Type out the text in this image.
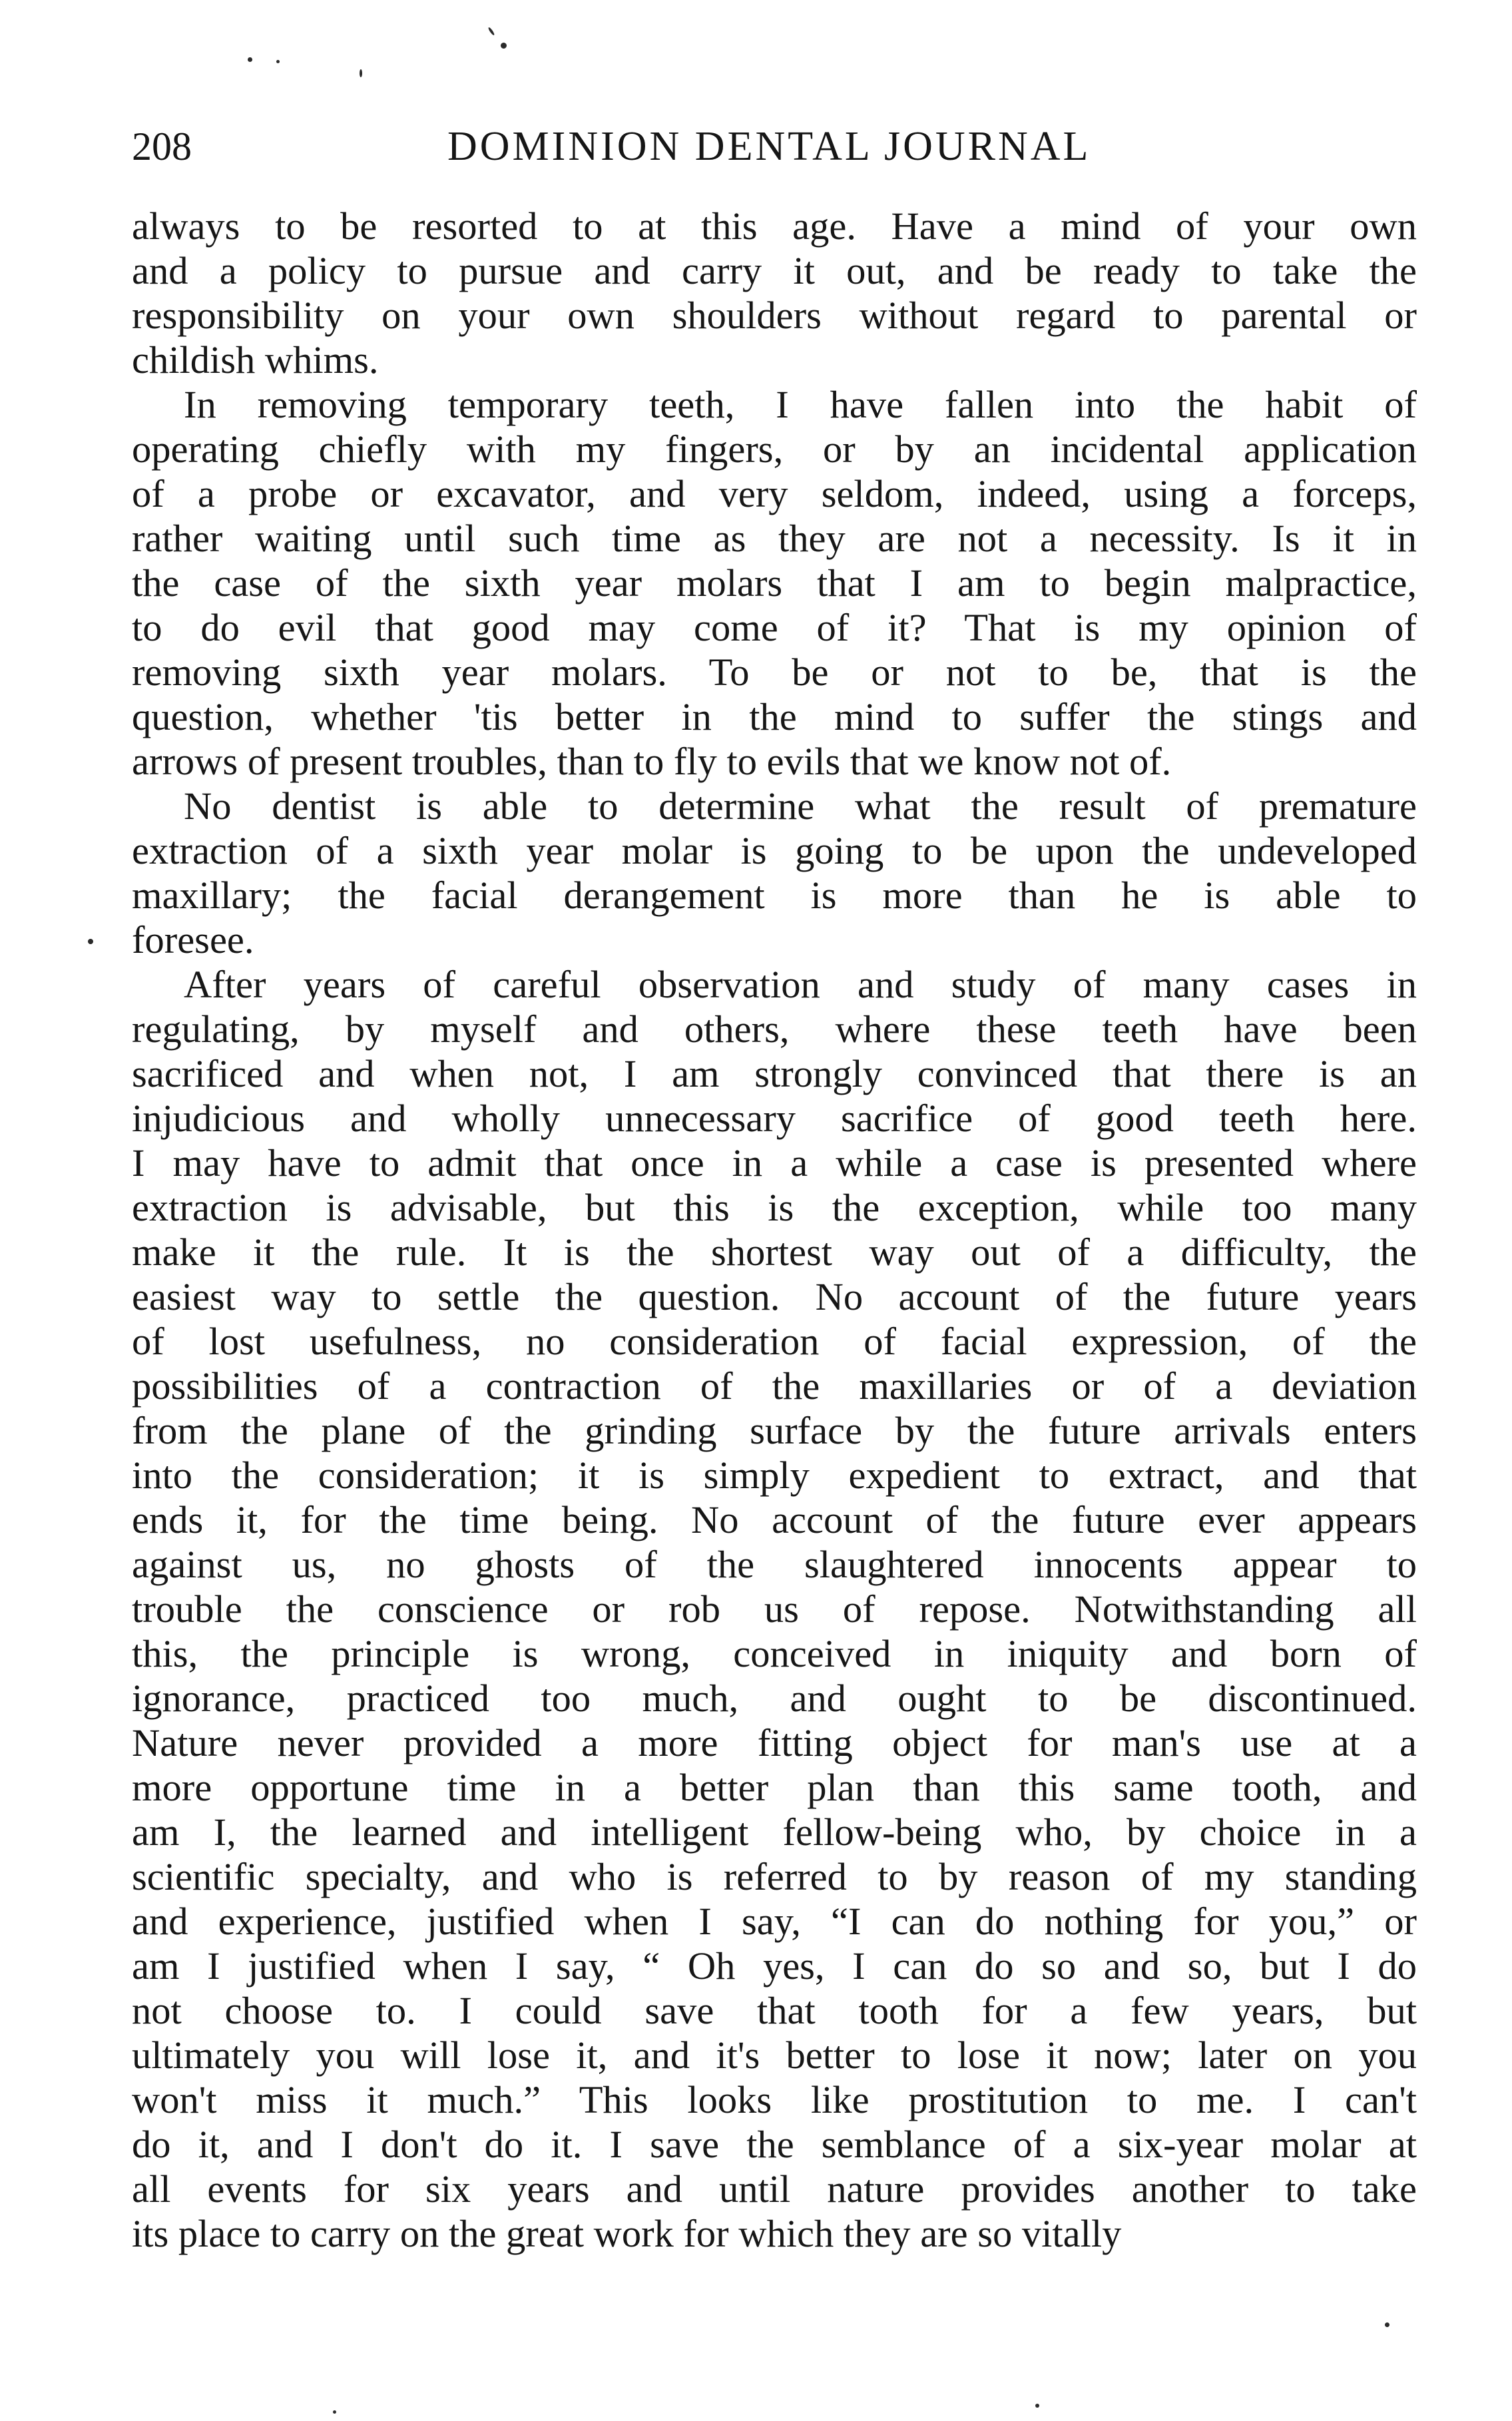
208	DOMINION DENTAL JOURNAL
always to be resorted to at this age. Have a mind of your own
and a policy to pursue and carry it out, and be ready to take the
responsibility on your own shoulders without regard to parental or
childish whims.
In removing temporary teeth, I have fallen into the habit of
operating chiefly with my fingers, or by an incidental application
of a probe or excavator, and very seldom, indeed, using a forceps,
rather waiting until such time as they are not a necessity. Is it in
the case of the sixth year molars that I am to begin malpractice,
to do evil that good may come of it? That is my opinion of
removing sixth year molars. To be or not to be, that is the
question, whether 'tis better in the mind to suffer the stings and
arrows of present troubles, than to fly to evils that we know not of.
No dentist is able to determine what the result of premature
extraction of a sixth year molar is going to be upon the undeveloped
maxillary; the facial derangement is more than he is able to
foresee.
After years of careful observation and study of many cases in
regulating, by myself and others, where these teeth have been
sacrificed and when not, I am strongly convinced that there is an
injudicious and wholly unnecessary sacrifice of good teeth here.
I may have to admit that once in a while a case is presented where
extraction is advisable, but this is the exception, while too many
make it the rule. It is the shortest way out of a difficulty, the
easiest way to settle the question. No account of the future years
of lost usefulness, no consideration of facial expression, of the
possibilities of a contraction of the maxillaries or of a deviation
from the plane of the grinding surface by the future arrivals enters
into the consideration; it is simply expedient to extract, and that
ends it, for the time being. No account of the future ever appears
against us, no ghosts of the slaughtered innocents appear to
trouble the conscience or rob us of repose. Notwithstanding all
this, the principle is wrong, conceived in iniquity and born of
ignorance, practiced too much, and ought to be discontinued.
Nature never provided a more fitting object for man's use at a
more opportune time in a better plan than this same tooth, and
am I, the learned and intelligent fellow-being who, by choice in a
scientific specialty, and who is referred to by reason of my standing
and experience, justified when I say, “I can do nothing for you,” or
am I justified when I say, “ Oh yes, I can do so and so, but I do
not choose to. I could save that tooth for a few years, but
ultimately you will lose it, and it's better to lose it now; later on you
won't miss it much.” This looks like prostitution to me. I can't
do it, and I don't do it. I save the semblance of a six-year molar at
all events for six years and until nature provides another to take
its place to carry on the great work for which they are so vitally
